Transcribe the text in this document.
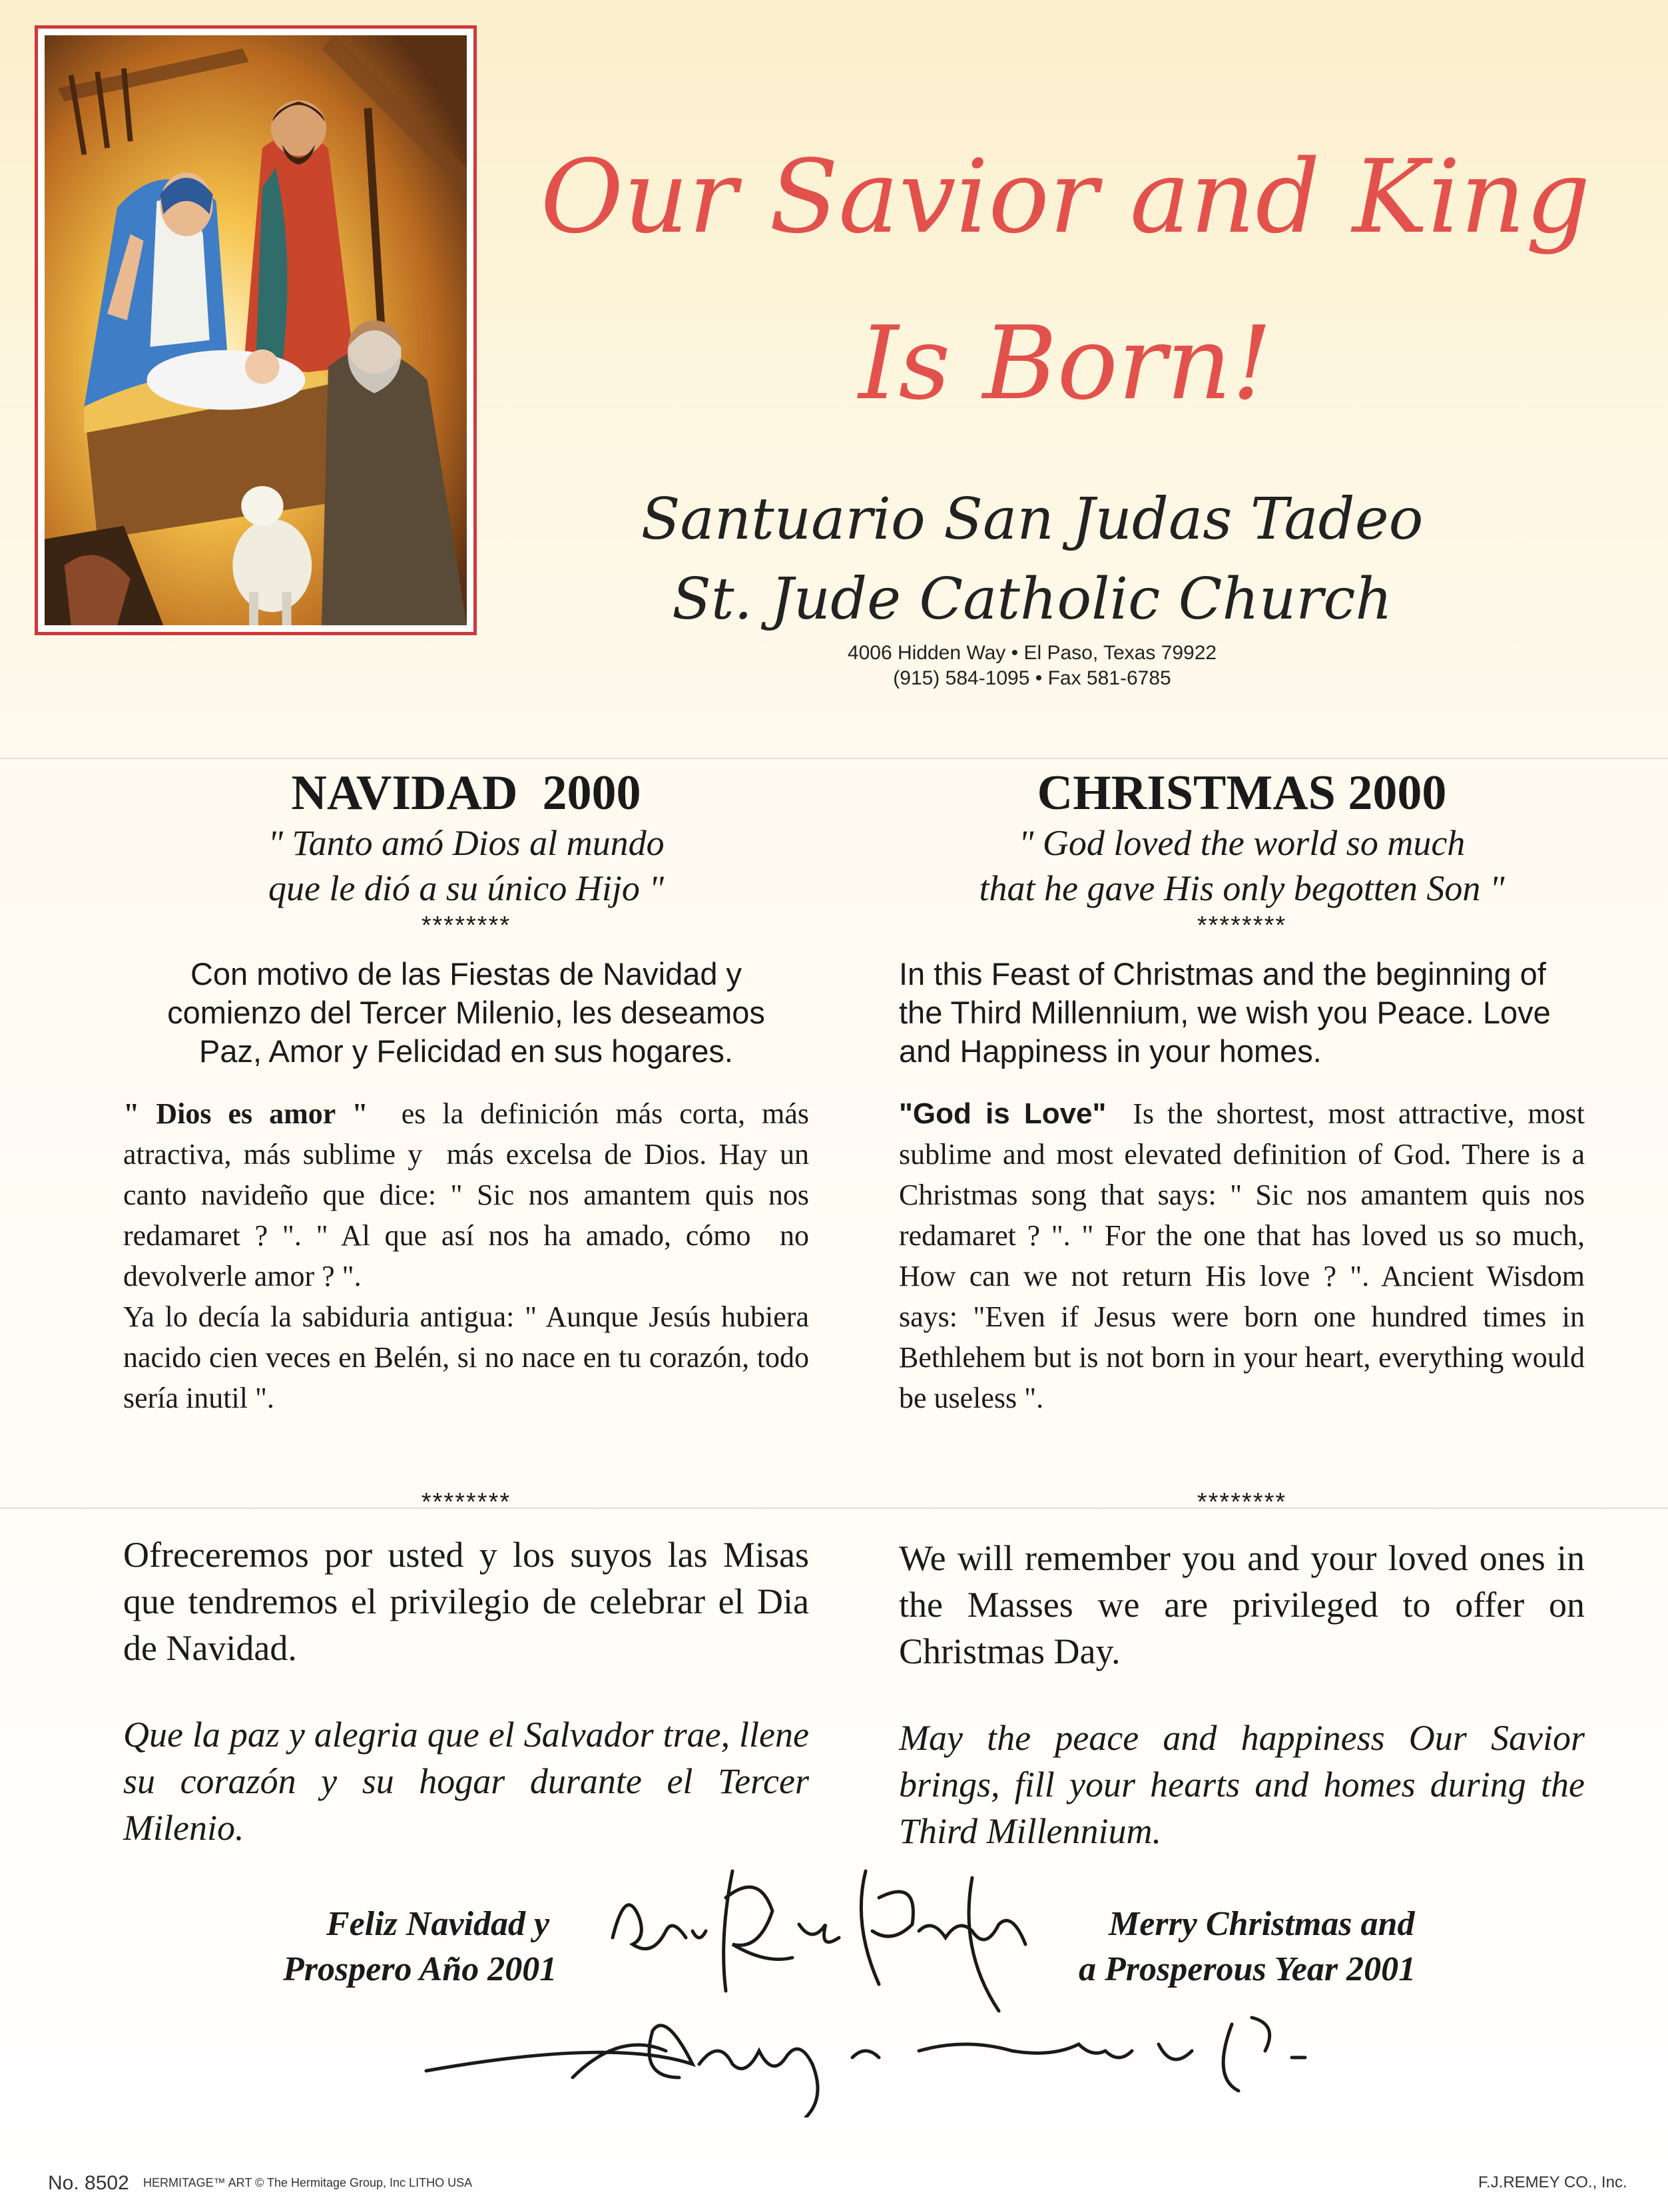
Our Savior and King
Is Born!
Santuario San Judas Tadeo
St. Jude Catholic Church
4006 Hidden Way • El Paso, Texas 79922
(915) 584-1095 • Fax 581-6785
NAVIDAD  2000
" Tanto amó Dios al mundo
que le dió a su único Hijo "
********
Con motivo de las Fiestas de Navidad y comienzo del Tercer Milenio, les deseamos Paz, Amor y Felicidad en sus hogares.
" Dios es amor "  es la definición más corta, más atractiva, más sublime y  más excelsa de Dios. Hay un canto navideño que dice: " Sic nos amantem quis nos redamaret ? ". " Al que así nos ha amado, cómo  no devolverle amor ? ".
Ya lo decía la sabiduria antigua: " Aunque Jesús hubiera nacido cien veces en Belén, si no nace en tu corazón, todo sería inutil ".
CHRISTMAS 2000
" God loved the world so much
that he gave His only begotten Son "
********
In this Feast of Christmas and the beginning of the Third Millennium, we wish you Peace. Love and Happiness in your homes.
"God is Love"  Is the shortest, most attractive, most sublime and most elevated definition of God. There is a Christmas song that says: " Sic nos amantem quis nos redamaret ? ". " For the one that has loved us so much, How can we not return His love ? ". Ancient Wisdom says: "Even if Jesus were born one hundred times in Bethlehem but is not born in your heart, everything would be useless ".
********	********
Ofreceremos por usted y los suyos las Misas que tendremos el privilegio de celebrar el Dia de Navidad.
Que la paz y alegria que el Salvador trae, llene su corazón y su hogar durante el Tercer Milenio.
We will remember you and your loved ones in the Masses we are privileged to offer on Christmas Day.
May the peace and happiness Our Savior brings, fill your hearts and homes during the Third Millennium.
Feliz Navidad y
Prospero Año 2001
Merry Christmas and
a Prosperous Year 2001
No. 8502 HERMITAGE™ ART © The Hermitage Group, Inc LITHO USA	F.J.REMEY CO., Inc.
